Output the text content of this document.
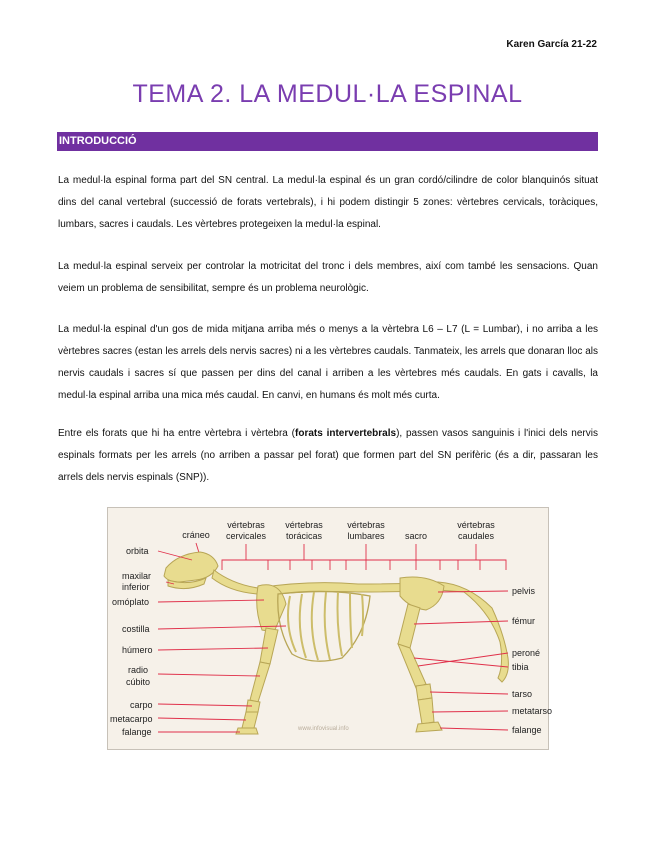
Karen García 21-22
TEMA 2. LA MEDUL·LA ESPINAL
INTRODUCCIÓ

La medul·la espinal forma part del SN central. La medul·la espinal és un gran cordó/cilindre de color blanquinós situat dins del canal vertebral (successió de forats vertebrals), i hi podem distingir 5 zones: vèrtebres cervicals, toràciques, lumbars, sacres i caudals. Les vèrtebres protegeixen la medul·la espinal.

La medul·la espinal serveix per controlar la motricitat del tronc i dels membres, així com també les sensacions. Quan veiem un problema de sensibilitat, sempre és un problema neurològic.

La medul·la espinal d'un gos de mida mitjana arriba més o menys a la vèrtebra L6 – L7 (L = Lumbar), i no arriba a les vèrtebres sacres (estan les arrels dels nervis sacres) ni a les vèrtebres caudals. Tanmateix, les arrels que donaran lloc als nervis caudals i sacres sí que passen per dins del canal i arriben a les vèrtebres més caudals. En gats i cavalls, la medul·la espinal arriba una mica més caudal. En canvi, en humans és molt més curta.

Entre els forats que hi ha entre vèrtebra i vèrtebra (forats intervertebrals), passen vasos sanguinis i l'inici dels nervis espinals formats per les arrels (no arriben a passar pel forat) que formen part del SN perifèric (és a dir, passaran les arrels dels nervis espinals (SNP)).

cráneo
vértebras
cervicales
vértebras
torácicas
vértebras
lumbares sacro
vértebras
caudales
orbita
maxilar
inferior
omóplato
costilla
húmero
radio
cúbito
carpo
metacarpo
falange
pelvis
fémur
peroné
tibia
tarso
metatarso
falange
www.infovisual.info
